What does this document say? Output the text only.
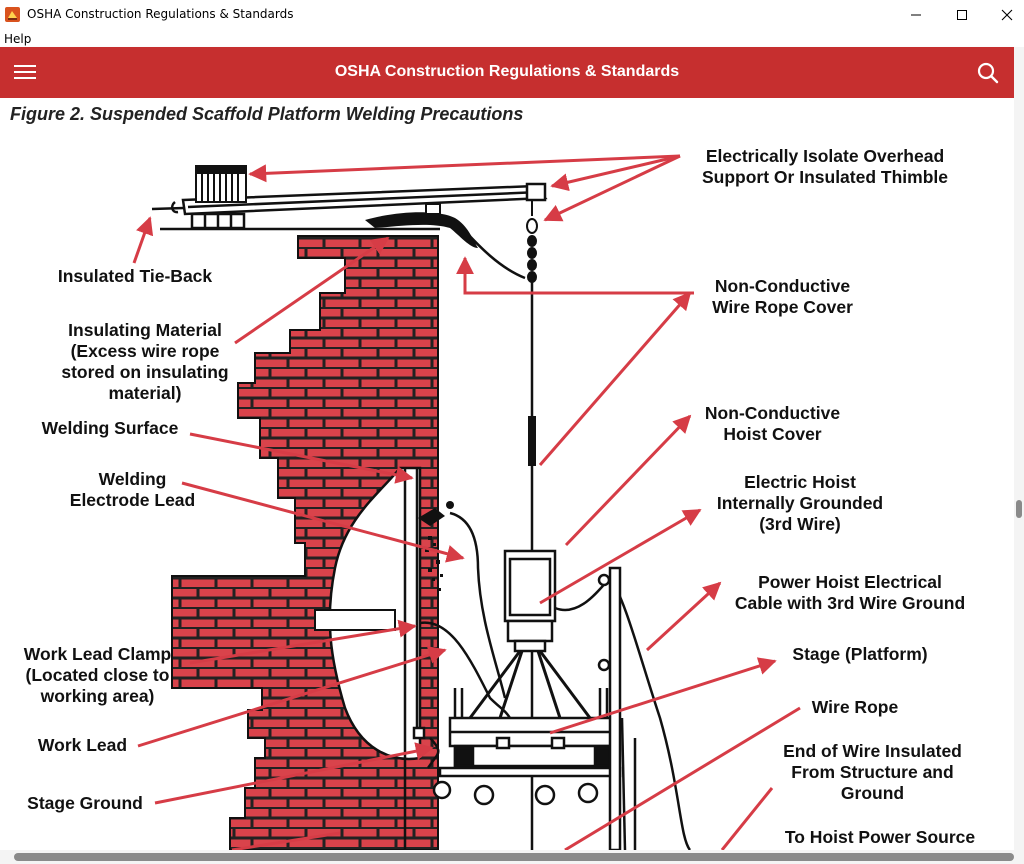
OSHA Construction Regulations & Standards
Help
OSHA Construction Regulations & Standards
Figure 2. Suspended Scaffold Platform Welding Precautions
Electrically Isolate Overhead
Support Or Insulated Thimble
Insulated Tie-Back	Non-Conductive
Wire Rope Cover
Insulating Material
(Excess wire rope
stored on insulating
material)
Non-Conductive
Hoist Cover
Welding Surface
Welding
Electrode Lead
Electric Hoist
Internally Grounded
(3rd Wire)
Power Hoist Electrical
Cable with 3rd Wire Ground
Work Lead Clamp
(Located close to
working area)
Stage (Platform)
Wire Rope
Work Lead	End of Wire Insulated
From Structure and
Ground
Stage Ground
To Hoist Power Source
